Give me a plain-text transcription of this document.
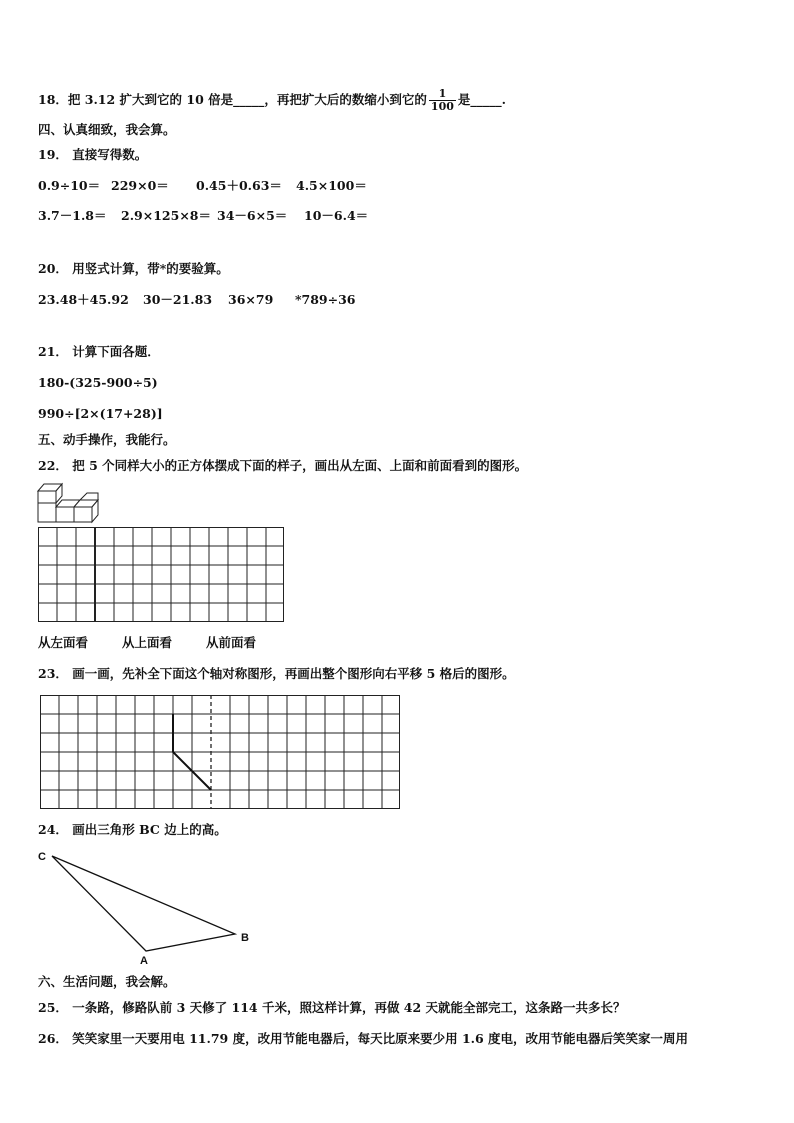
18．把 3.12 扩大到它的 10 倍是_____，再把扩大后的数缩小到它的 $\frac{1}{100}$ 是_____.
四、认真细致，我会算。
19． 直接写得数。
0.9÷10＝ 229×0＝ 0.45＋0.63＝ 4.5×100＝
3.7－1.8＝ 2.9×125×8＝ 34－6×5＝ 10－6.4＝
20． 用竖式计算，带*的要验算。
23.48＋45.92 30－21.83 36×79 *789÷36
21． 计算下面各题．
180-(325-900÷5)
990÷[2×(17+28)]
五、动手操作，我能行。
22． 把 5 个同样大小的正方体摆成下面的样子，画出从左面、上面和前面看到的图形。
从左面看	从上面看	从前面看
23． 画一画，先补全下面这个轴对称图形，再画出整个图形向右平移 5 格后的图形。
24． 画出三角形 BC 边上的高。
C
B
A
六、生活问题，我会解。
25． 一条路，修路队前 3 天修了 114 千米，照这样计算，再做 42 天就能全部完工，这条路一共多长？
26． 笑笑家里一天要用电 11.79 度，改用节能电器后，每天比原来要少用 1.6 度电，改用节能电器后笑笑家一周用
